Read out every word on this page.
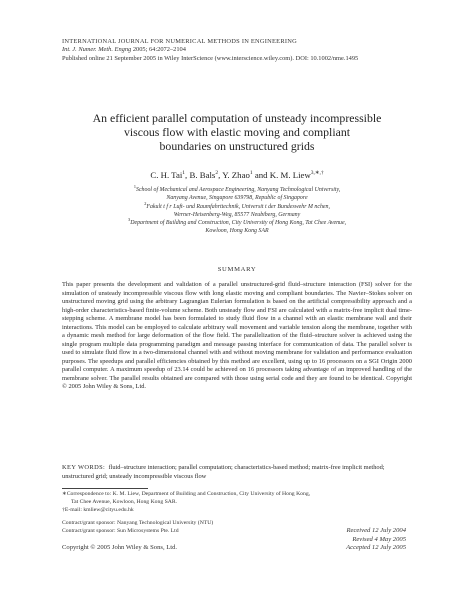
INTERNATIONAL JOURNAL FOR NUMERICAL METHODS IN ENGINEERING
Int. J. Numer. Meth. Engng 2005; 64:2072–2104
Published online 21 September 2005 in Wiley InterScience (www.interscience.wiley.com). DOI: 10.1002/nme.1495
An efficient parallel computation of unsteady incompressible
viscous flow with elastic moving and compliant
boundaries on unstructured grids
C. H. Tai$^1$, B. Bals$^2$, Y. Zhao$^1$ and K. M. Liew$^{3,∗,\dagger}$
$^1$School of Mechanical and Aerospace Engineering, Nanyang Technological University,
Nanyang Avenue, Singapore 639798, Republic of Singapore
$^2$Fakult t f r Luft- und Raumfahrttechnik, Universit t der Bundeswehr M nchen,
Werner-Heisenberg-Weg, 85577 Neubiberg, Germany
$^3$Department of Building and Construction, City University of Hong Kong, Tat Chee Avenue,
Kowloon, Hong Kong SAR
SUMMARY
This paper presents the development and validation of a parallel unstructured-grid fluid–structure interaction (FSI) solver for the simulation of unsteady incompressible viscous flow with long elastic moving and compliant boundaries. The Navier–Stokes solver on unstructured moving grid using the arbitrary Lagrangian Eulerian formulation is based on the artificial compressibility approach and a high-order characteristics-based finite-volume scheme. Both unsteady flow and FSI are calculated with a matrix-free implicit dual time-stepping scheme. A membrane model has been formulated to study fluid flow in a channel with an elastic membrane wall and their interactions. This model can be employed to calculate arbitrary wall movement and variable tension along the membrane, together with a dynamic mesh method for large deformation of the flow field. The parallelization of the fluid–structure solver is achieved using the single program multiple data programming paradigm and message passing interface for communication of data. The parallel solver is used to simulate fluid flow in a two-dimensional channel with and without moving membrane for validation and performance evaluation purposes. The speedups and parallel efficiencies obtained by this method are excellent, using up to 16 processors on a SGI Origin 2000 parallel computer. A maximum speedup of 23.14 could be achieved on 16 processors taking advantage of an improved handling of the membrane solver. The parallel results obtained are compared with those using serial code and they are found to be identical. Copyright © 2005 John Wiley & Sons, Ltd.
KEY WORDS: fluid–structure interaction; parallel computation; characteristics-based method; matrix-free implicit method; unstructured grid; unsteady incompressible viscous flow
∗Correspondence to: K. M. Liew, Department of Building and Construction, City University of Hong Kong,
Tat Chee Avenue, Kowloon, Hong Kong SAR.
†E-mail: kmliew@cityu.edu.hk
Contract/grant sponsor: Nanyang Technological University (NTU)
Contract/grant sponsor: Sun Microsystems Pte. Ltd	Received 12 July 2004
Revised 4 May 2005
Accepted 12 July 2005
Copyright © 2005 John Wiley & Sons, Ltd.
